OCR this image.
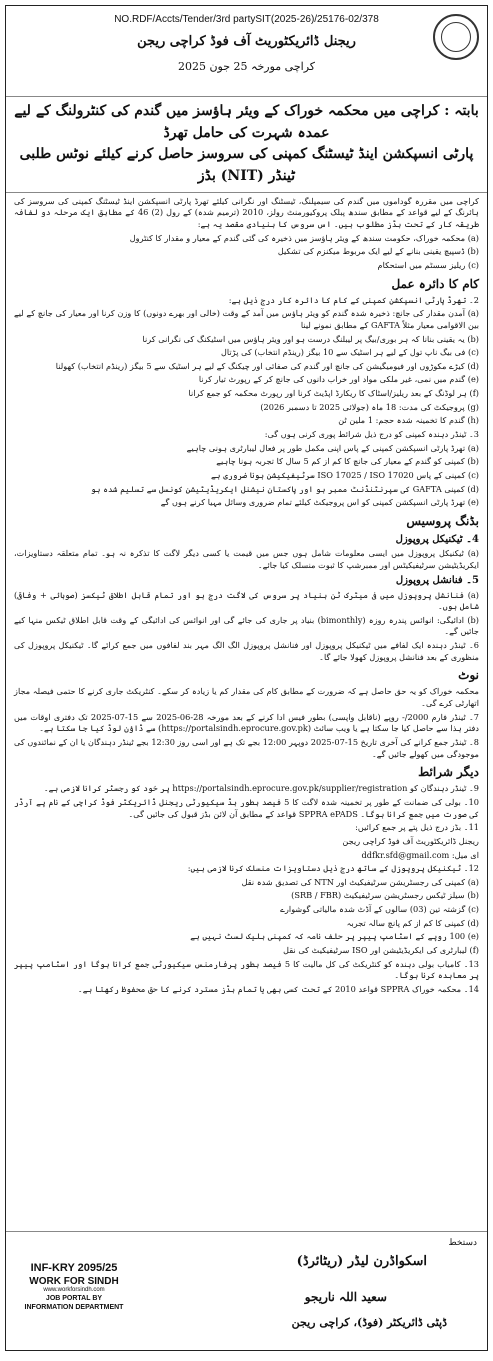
NO.RDF/Accts/Tender/3rd partySIT(2025-26)/25176-02/378
ریجنل ڈائریکٹوریٹ آف فوڈ کراچی ریجن
کراچی مورخہ 25 جون 2025
بابتہ : کراچی میں محکمہ خوراک کے ویئر ہاؤسز میں گندم کی کنٹرولنگ کے لیے عمدہ شہرت کی حامل تھرڈ
پارٹی انسپکشن اینڈ ٹیسٹنگ کمپنی کی سروسز حاصل کرنے کیلئے نوٹس طلبی ٹینڈر (NIT) بڈز

کراچی میں مقررہ گوداموں میں گندم کی سیمپلنگ، ٹیسٹنگ اور نگرانی کیلئے تھرڈ پارٹی انسپکشن اینڈ ٹیسٹنگ کمپنی کی سروسز کی ہائرنگ کے لیے قواعد کے مطابق سندھ پبلک پروکیورمنٹ رولز، 2010 (ترمیم شدہ) کے رول (2) 46 کے مطابق ایک مرحلہ دو لفافہ طریقہ کار کے تحت بڈز مطلوب ہیں۔ اس سروس کا بنیادی مقصد یہ ہے:

(a) محکمہ خوراک، حکومت سندھ کے ویئر ہاؤسز میں ذخیرہ کی گئی گندم کے معیار و مقدار کا کنٹرول

(b) ڈسپیچ یقینی بنانے کے لیے ایک مربوط میکنزم کی تشکیل

(c) ریلیز سسٹم میں استحکام

کام کا دائرہ عمل

2۔ تھرڈ پارٹی انسپکشن کمپنی کے کام کا دائرہ کار درج ذیل ہے:

(a) آمدن مقدار کی جانچ: ذخیرہ شدہ گندم کو ویئر ہاؤس میں آمد کے وقت (خالی اور بھرے دونوں) کا وزن کرنا اور معیار کی جانچ کے لیے بین الاقوامی معیار مثلاً GAFTA کے مطابق نمونے لینا

(b) یہ یقینی بنانا کہ ہر بوری/بیگ پر لیبلنگ درست ہو اور ویئر ہاؤس میں اسٹیکنگ کی نگرانی کرنا

(c) فی بیگ ناپ تول کے لیے ہر اسٹیک سے 10 بیگز (رینڈم انتخاب) کی پڑتال

(d) کیڑے مکوڑوں اور فیومیگیشن کی جانچ اور گندم کی صفائی اور چیکنگ کے لیے ہر اسٹیک سے 5 بیگز (رینڈم انتخاب) کھولنا

(e) گندم میں نمی، غیر ملکی مواد اور خراب دانوں کی جانچ کر کے رپورٹ تیار کرنا

(f) ہر لوڈنگ کے بعد ریلیز/اسٹاک کا ریکارڈ اپڈیٹ کرنا اور رپورٹ محکمہ کو جمع کرانا

(g) پروجیکٹ کی مدت: 18 ماہ (جولائی 2025 تا دسمبر 2026)

(h) گندم کا تخمینہ شدہ حجم: 1 ملین ٹن

3۔ ٹینڈر دہندہ کمپنی کو درج ذیل شرائط پوری کرنی ہوں گی:

(a) تھرڈ پارٹی انسپکشن کمپنی کے پاس اپنی مکمل طور پر فعال لیبارٹری ہونی چاہیے

(b) کمپنی کو گندم کے معیار کی جانچ کا کم از کم 5 سال کا تجربہ ہونا چاہیے

(c) کمپنی کے پاس ISO 17025 / ISO 17020 سرٹیفیکیشن ہونا ضروری ہے

(d) کمپنی GAFTA کی سپرنٹنڈنٹ ممبر ہو اور پاکستان نیشنل ایکریڈیٹیشن کونسل سے تسلیم شدہ ہو

(e) تھرڈ پارٹی انسپکشن کمپنی کو اس پروجیکٹ کیلئے تمام ضروری وسائل مہیا کرنے ہوں گے

بڈنگ پروسیس
4۔ ٹیکنیکل پروپوزل

(a) ٹیکنیکل پروپوزل میں ایسی معلومات شامل ہوں جس میں قیمت یا کسی دیگر لاگت کا تذکرہ نہ ہو۔ تمام متعلقہ دستاویزات، ایکریڈیٹیشن سرٹیفیکیٹس اور ممبرشپ کا ثبوت منسلک کیا جائے۔

5۔ فنانشل پروپوزل

(a) فنانشل پروپوزل میں فی میٹرک ٹن بنیاد پر سروس کی لاگت درج ہو اور تمام قابل اطلاق ٹیکسز (صوبائی + وفاقی) شامل ہوں۔

(b) ادائیگی: انوائس پندرہ روزہ (bimonthly) بنیاد پر جاری کی جائے گی اور انوائس کی ادائیگی کے وقت قابل اطلاق ٹیکس منہا کیے جائیں گے۔

6۔ ٹینڈر دہندہ ایک لفافے میں ٹیکنیکل پروپوزل اور فنانشل پروپوزل الگ الگ مہر بند لفافوں میں جمع کرائے گا۔ ٹیکنیکل پروپوزل کی منظوری کے بعد فنانشل پروپوزل کھولا جائے گا۔

نوٹ

محکمہ خوراک کو یہ حق حاصل ہے کہ ضرورت کے مطابق کام کی مقدار کم یا زیادہ کر سکے۔ کنٹریکٹ جاری کرنے کا حتمی فیصلہ مجاز اتھارٹی کرے گی۔

7۔ ٹینڈر فارم 2000/- روپے (ناقابل واپسی) بطور فیس ادا کرنے کے بعد مورخہ 28-06-2025 سے 15-07-2025 تک دفتری اوقات میں دفتر ہذا سے حاصل کیا جا سکتا ہے یا ویب سائٹ (https://portalsindh.eprocure.gov.pk) سے ڈاؤن لوڈ کیا جا سکتا ہے۔

8۔ ٹینڈر جمع کرانے کی آخری تاریخ 15-07-2025 دوپہر 12:00 بجے تک ہے اور اسی روز 12:30 بجے ٹینڈر دہندگان یا ان کے نمائندوں کی موجودگی میں کھولے جائیں گے۔

دیگر شرائط

9۔ ٹینڈر دہندگان کو https://portalsindh.eprocure.gov.pk/supplier/registration پر خود کو رجسٹر کرانا لازمی ہے۔

10۔ بولی کی ضمانت کے طور پر تخمینہ شدہ لاگت کا 5 فیصد بطور بڈ سیکیورٹی ریجنل ڈائریکٹر فوڈ کراچی کے نام پے آرڈر کی صورت میں جمع کرانا ہوگا۔ SPPRA ePADS قواعد کے مطابق آن لائن بڈز قبول کی جائیں گی۔

11۔ بڈز درج ذیل پتے پر جمع کرائیں:

ریجنل ڈائریکٹوریٹ آف فوڈ کراچی ریجن

ای میل: ddfkr.sfd@gmail.com

12۔ ٹیکنیکل پروپوزل کے ساتھ درج ذیل دستاویزات منسلک کرنا لازمی ہیں:

(a) کمپنی کی رجسٹریشن سرٹیفیکیٹ اور NTN کی تصدیق شدہ نقل

(b) سیلز ٹیکس رجسٹریشن سرٹیفیکیٹ (SRB / FBR)

(c) گزشتہ تین (03) سالوں کے آڈٹ شدہ مالیاتی گوشوارے

(d) کمپنی کا کم از کم پانچ سالہ تجربہ

(e) 100 روپے کے اسٹامپ پیپر پر حلف نامہ کہ کمپنی بلیک لسٹ نہیں ہے

(f) لیبارٹری کی ایکریڈیٹیشن اور ISO سرٹیفیکیٹ کی نقل

13۔ کامیاب بولی دہندہ کو کنٹریکٹ کی کل مالیت کا 5 فیصد بطور پرفارمنس سیکیورٹی جمع کرانا ہوگا اور اسٹامپ پیپر پر معاہدہ کرنا ہوگا۔

14۔ محکمہ خوراک SPPRA قواعد 2010 کے تحت کسی بھی یا تمام بڈز مسترد کرنے کا حق محفوظ رکھتا ہے۔

دستخط
اسکواڈرن لیڈر (ریٹائرڈ)
سعید اللہ ناریجو
ڈپٹی ڈائریکٹر (فوڈ)، کراچی ریجن
INF-KRY 2095/25
WORK FOR SINDH
www.workforsindh.com
JOB PORTAL BY
INFORMATION DEPARTMENT
